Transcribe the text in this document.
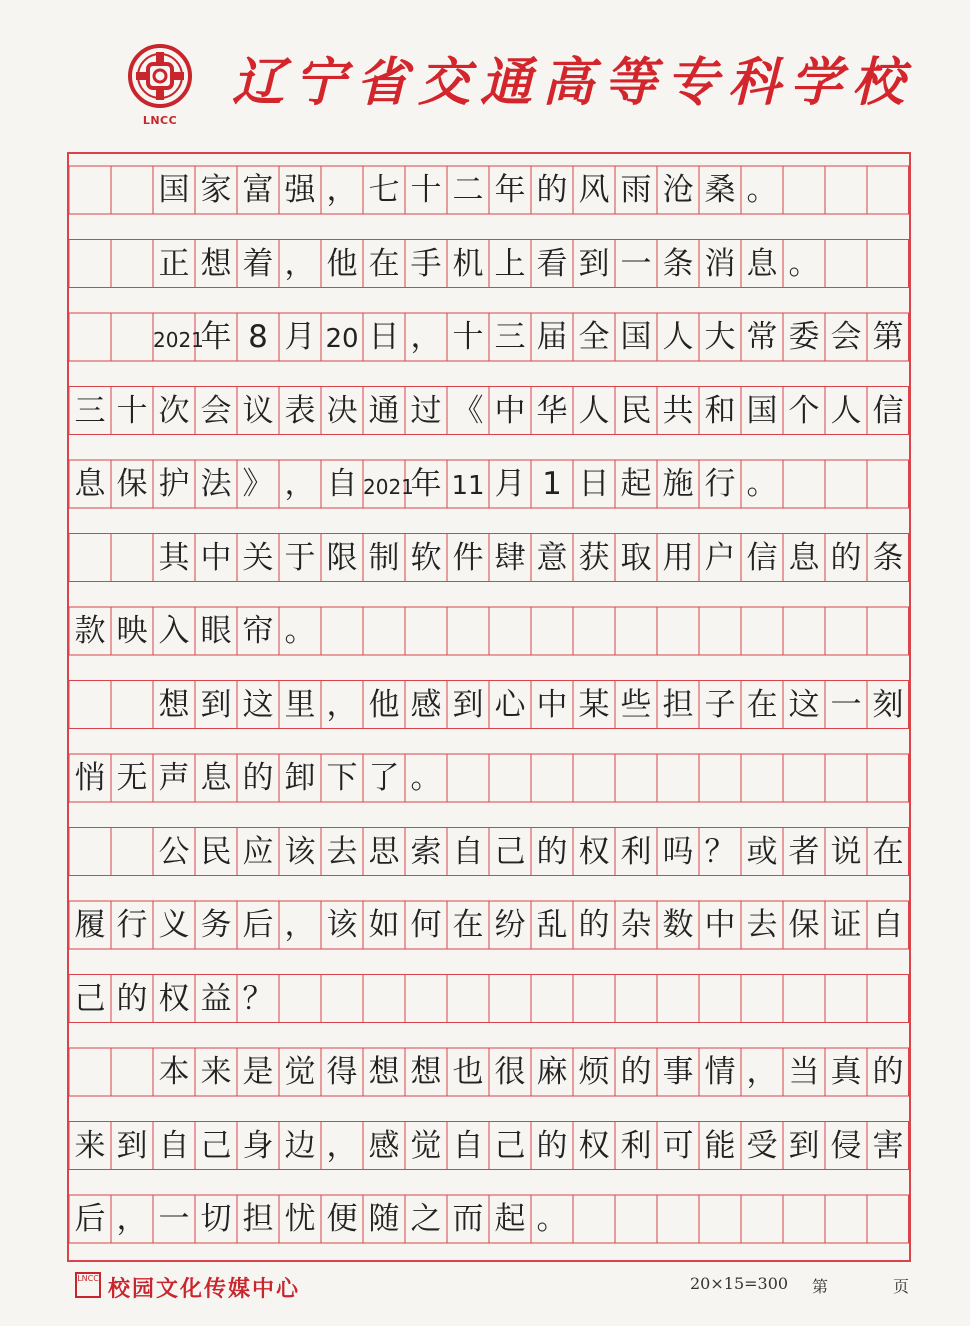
LNCC
辽宁省交通高等专科学校
　　国 家 富 强 ， 七 十 二 年 的 风 雨 沧 桑 。
　　正 想 着 ， 他 在 手 机 上 看 到 一 条 消 息 。
　　2021年 8 月 20 日 ， 十 三 届 全 国 人 大 常 委 会 第
三 十 次 会 议 表 决 通 过 《 中 华 人 民 共 和 国 个 人 信
息 保 护 法 》 ， 自 2021年 11 月 1 日 起 施 行 。
　　其 中 关 于 限 制 软 件 肆 意 获 取 用 户 信 息 的 条
款 映 入 眼 帘 。
　　想 到 这 里 ， 他 感 到 心 中 某 些 担 子 在 这 一 刻
悄 无 声 息 的 卸 下 了 。
　　公 民 应 该 去 思 索 自 己 的 权 利 吗 ？ 或 者 说 在
履 行 义 务 后 ， 该 如 何 在 纷 乱 的 杂 数 中 去 保 证 自
己 的 权 益 ？
　　本 来 是 觉 得 想 想 也 很 麻 烦 的 事 情 ， 当 真 的
来 到 自 己 身 边 ， 感 觉 自 己 的 权 利 可 能 受 到 侵 害
后 ， 一 切 担 忧 便 随 之 而 起 。
LNCC 校园文化传媒中心	20×15=300 第	页
